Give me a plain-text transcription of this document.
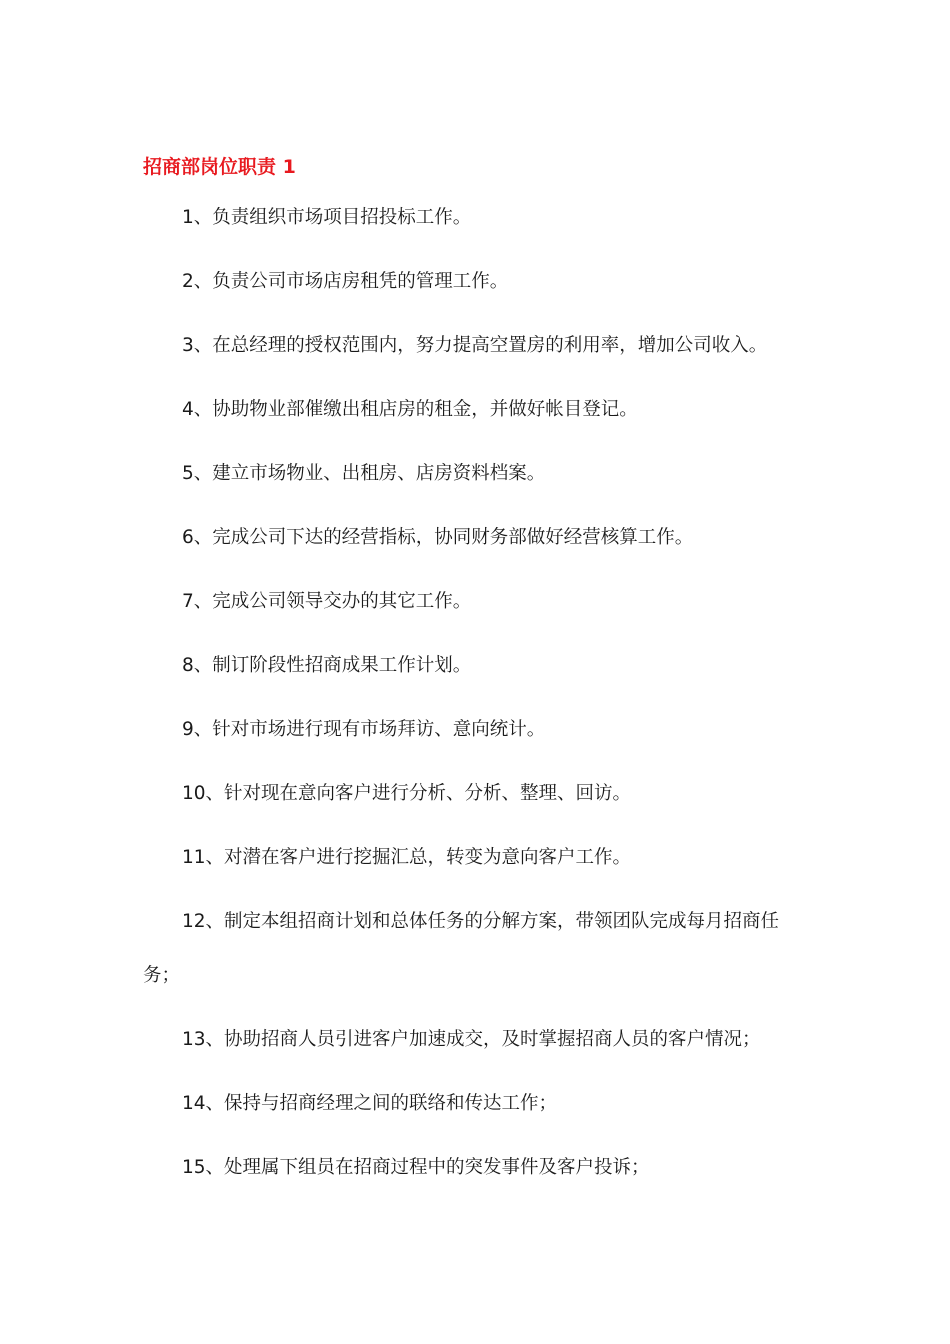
招商部岗位职责 1
1、负责组织市场项目招投标工作。
2、负责公司市场店房租凭的管理工作。
3、在总经理的授权范围内，努力提高空置房的利用率，增加公司收入。
4、协助物业部催缴出租店房的租金，并做好帐目登记。
5、建立市场物业、出租房、店房资料档案。
6、完成公司下达的经营指标，协同财务部做好经营核算工作。
7、完成公司领导交办的其它工作。
8、制订阶段性招商成果工作计划。
9、针对市场进行现有市场拜访、意向统计。
10、针对现在意向客户进行分析、分析、整理、回访。
11、对潜在客户进行挖掘汇总，转变为意向客户工作。
12、制定本组招商计划和总体任务的分解方案，带领团队完成每月招商任务；
13、协助招商人员引进客户加速成交，及时掌握招商人员的客户情况；
14、保持与招商经理之间的联络和传达工作；
15、处理属下组员在招商过程中的突发事件及客户投诉；
